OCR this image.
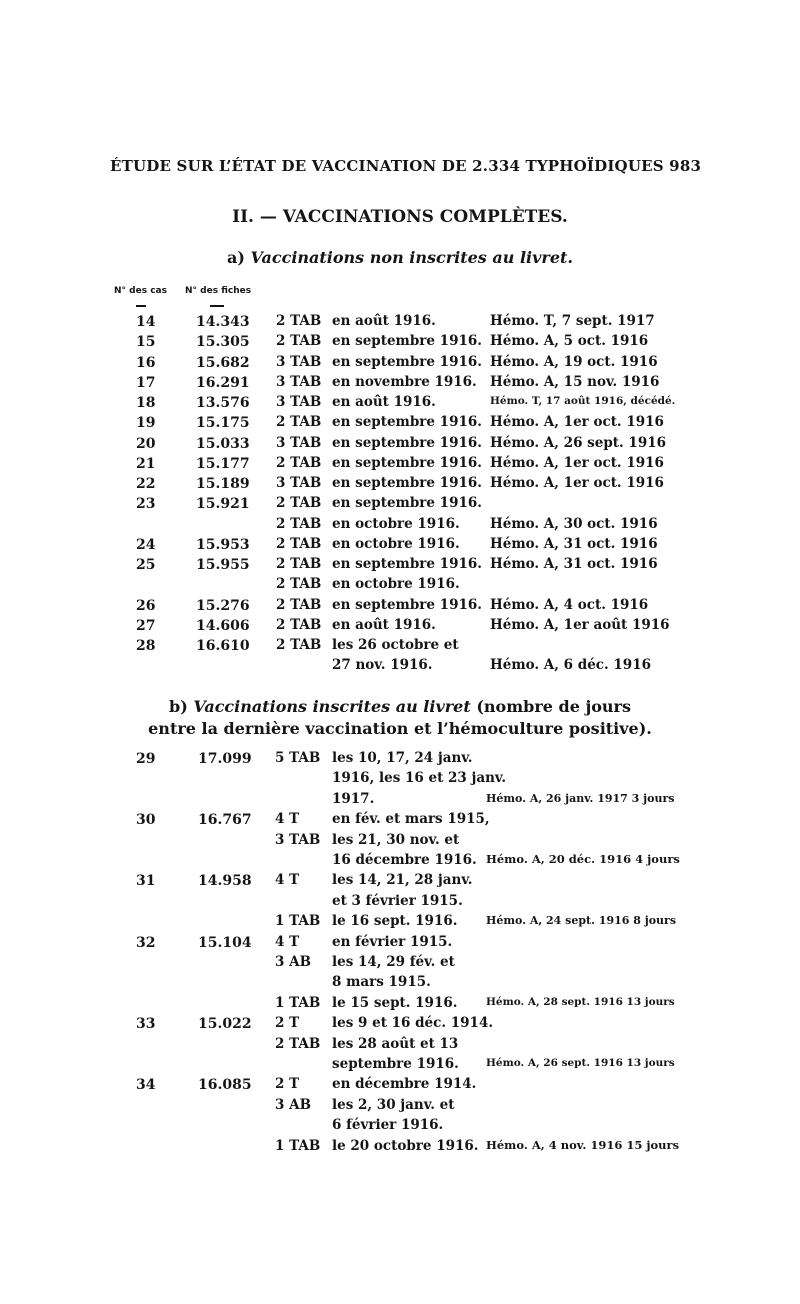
ÉTUDE SUR L’ÉTAT DE VACCINATION DE 2.334 TYPHOÏDIQUES 983
II. — VACCINATIONS COMPLÈTES.
a) Vaccinations non inscrites au livret.
N° des cas N° des fiches
14	14.343 2 TAB en août 1916.	Hémo. T, 7 sept. 1917
15	15.305 2 TAB en septembre 1916. Hémo. A, 5 oct. 1916
16	15.682 3 TAB en septembre 1916. Hémo. A, 19 oct. 1916
17	16.291 3 TAB en novembre 1916. Hémo. A, 15 nov. 1916
18	13.576 3 TAB en août 1916.	Hémo. T, 17 août 1916, décédé.
19	15.175 2 TAB en septembre 1916. Hémo. A, 1er oct. 1916
20	15.033 3 TAB en septembre 1916. Hémo. A, 26 sept. 1916
21	15.177 2 TAB en septembre 1916. Hémo. A, 1er oct. 1916
22	15.189 3 TAB en septembre 1916. Hémo. A, 1er oct. 1916
23	15.921 2 TAB en septembre 1916.
2 TAB en octobre 1916. Hémo. A, 30 oct. 1916
24	15.953 2 TAB en octobre 1916. Hémo. A, 31 oct. 1916
25	15.955 2 TAB en septembre 1916. Hémo. A, 31 oct. 1916
2 TAB en octobre 1916.
26	15.276 2 TAB en septembre 1916. Hémo. A, 4 oct. 1916
27	14.606 2 TAB en août 1916.	Hémo. A, 1er août 1916
28	16.610 2 TAB les 26 octobre et
27 nov. 1916.	Hémo. A, 6 déc. 1916
b) Vaccinations inscrites au livret (nombre de jours
entre la dernière vaccination et l’hémoculture positive).
29	17.099 5 TAB les 10, 17, 24 janv.
1916, les 16 et 23 janv.
1917.	Hémo. A, 26 janv. 1917 3 jours
30	16.767 4 T en fév. et mars 1915,
3 TAB les 21, 30 nov. et
16 décembre 1916. Hémo. A, 20 déc. 1916 4 jours
31	14.958 4 T les 14, 21, 28 janv.
et 3 février 1915.
1 TAB le 16 sept. 1916.	Hémo. A, 24 sept. 1916 8 jours
32	15.104 4 T en février 1915.
3 AB les 14, 29 fév. et
8 mars 1915.
1 TAB le 15 sept. 1916.	Hémo. A, 28 sept. 1916 13 jours
33	15.022 2 T les 9 et 16 déc. 1914.
2 TAB les 28 août et 13
septembre 1916.	Hémo. A, 26 sept. 1916 13 jours
34	16.085 2 T en décembre 1914.
3 AB les 2, 30 janv. et
6 février 1916.
1 TAB le 20 octobre 1916. Hémo. A, 4 nov. 1916 15 jours
